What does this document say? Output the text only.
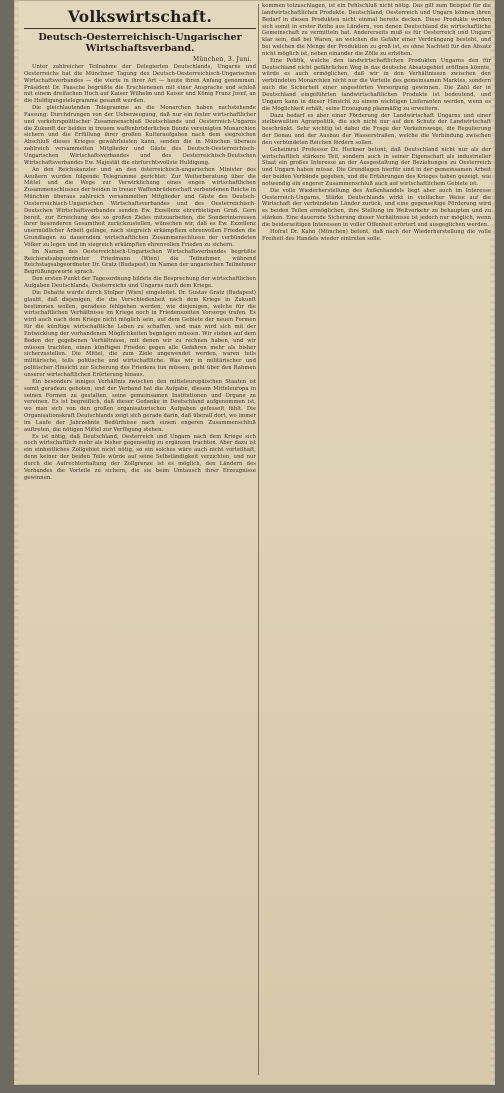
Volkswirtschaft.
Deutsch-Oesterreichisch-Ungarischer
Wirtschaftsverband.
München, 3. Juni.

Unter zahlreicher Teilnahme der Delegierten Deutschlands, Ungarns und Oesterreichs hat die Münchner Tagung des Deutsch-Oesterreichisch-Ungarischen Wirtschaftsverbandes — die vierte in ihrer Art — heute ihren Anfang genommen. Präsident Dr. Paasche begrüßte die Erschienenen mit einer Ansprache und schloß mit einem dreifachen Hoch auf Kaiser Wilhelm und Kaiser und König Franz Josef, an die Huldigungstelegramme gesandt wurden.

Die gleichlautenden Telegramme an die Monarchen haben nachstehende Fassung: Durchdrungen von der Ueberzeugung, daß nur ein fester wirtschaftlicher und verkehrspolitischer Zusammenschluß Deutschlands und Oesterreich-Ungarns die Zukunft der beiden in treuem waffenbrüderlichen Bunde vereinigten Monarchien sichern und die Erfüllung ihrer großen Kulturaufgaben nach dem siegreichen Abschluß dieses Krieges gewährleisten kann, senden die in München überaus zahlreich versammelten Mitglieder und Gäste des Deutsch-Oesterreichisch-Ungarischen Wirtschaftsverbandes und des Oesterreichisch-Deutschen Wirtschaftsverbandes Ew. Majestät die ehrfurchtsvollste Huldigung.

An den Reichskanzler und an den österreichisch-ungarischen Minister des Aeußern wurden folgende Telegramme gerichtet: Zur Weiterberatung über die Mittel und die Wege zur Verwirklichung eines engen wirtschaftlichen Zusammenschlusses der beiden in treuer Waffenbrüderschaft verbundenen Reiche in München überaus zahlreich versammelten Mitglieder und Gäste des Deutsch-Oesterreichisch-Ungarischen Wirtschaftsverbandes und des Oesterreichisch-Deutschen Wirtschaftsverbandes senden Ew. Exzellenz ehrerbietigen Gruß. Gern bereit, zur Erreichung des so großen Zieles mitzuarbeiten, die Sonderinteressen ihrer besonderen Gesamtheit zurückzustellen, wünschen wir, daß es Ew. Exzellenz unermüdlicher Arbeit gelinge, nach siegreich erkämpftem ehrenvollen Frieden die Grundlagen zu dauerndem wirtschaftlichen Zusammenschlusse der verbündeten Völker zu legen und im siegreich erkämpften ehrenvollen Frieden zu sichern.

Im Namen des Oesterreichisch-Ungarischen Wirtschaftsverbandes begrüßte Reichsratsabgeordneter Friedmann (Wien) die Teilnehmer, während Reichstagsabgeordneter Dr. Gratz (Budapest) im Namen der ungarischen Teilnehmer Begrüßungsworte sprach.

Den ersten Punkt der Tagesordnung bildete die Besprechung der wirtschaftlichen Aufgaben Deutschlands, Oesterreichs und Ungarns nach dem Kriege.

Die Debatte wurde durch Stolper (Wien) eingeleitet. Dr. Gustav Gratz (Budapest) glaubt, daß diejenigen, die die Verschiedenheit nach dem Kriege in Zukunft bestimmen wollen, geradeso fehlgehen werden, wie diejenigen, welche für die wirtschaftlichen Verhältnisse im Kriege noch in Friedenszeiten Vorsorge trafen. Es wird auch nach dem Kriege nicht möglich sein, auf dem Gebiete der neuen Formen für die künftige wirtschaftliche Leben zu schaffen, und man wird sich mit der Entwicklung der vorhandenen Möglichkeiten begnügen müssen. Wir stehen auf dem Boden der gegebenen Verhältnisse, mit denen wir zu rechnen haben, und wir müssen trachten, einen künftigen Frieden gegen alle Gefahren mehr als bisher sicherzustellen. Die Mittel, die zum Ziele angewendet werden, waren teils militärische, teils politische und wirtschaftliche. Was wir in militärischer und politischer Hinsicht zur Sicherung des Friedens tun müssen, geht über den Rahmen unserer wirtschaftlichen Erörterung hinaus.

Ein besonders inniges Verhältnis zwischen den mitteleuropäischen Staaten ist somit geradezu geboten, und der Verband hat die Aufgabe, diesem Mitteleuropa in seinen Formen zu gestalten, seine gemeinsamen Institutionen und Organe zu vereinen. Es ist begreiflich, daß dieser Gedanke in Deutschland aufgenommen ist, wo man sich von den großen organisatorischen Aufgaben gefesselt fühlt. Die Organisationskraft Deutschlands zeigt sich gerade darin, daß überall dort, wo immer im Laufe der Jahrzehnte Bedürfnisse nach einem engeren Zusammenschluß auftreten, die nötigen Mittel zur Verfügung stehen.

Es ist nötig, daß Deutschland, Oesterreich und Ungarn nach dem Kriege sich noch wirtschaftlich mehr als bisher gegenseitig zu ergänzen trachten. Aber dazu ist ein einheitliches Zollgebiet nicht nötig, so ein solches wäre auch nicht vorteilhaft, denn keiner der beiden Teile würde auf seine Selbständigkeit verzichten, und nur durch die Aufrechterhaltung der Zollgrenze ist es möglich, den Ländern des Verbandes die Vorteile zu sichern, die sie beim Umtausch ihrer Erzeugnisse gewinnen.

kommen totzuschlagen, ist ein Fehlschluß nicht nötig. Das gilt zum Beispiel für die landwirtschaftlichen Produkte. Deutschland, Oesterreich und Ungarn können ihren Bedarf in diesen Produkten nicht einmal bereits decken. Diese Produkte werden sich somit in erster Reihe aus Ländern, von denen Deutschland die wirtschaftliche Gemeinschaft zu vermitteln hat. Andererseits muß es für Oesterreich und Ungarn klar sein, daß bei Waren, an welchen die Gefahr einer Verdrängung besteht, und bei welchen die Menge der Produktion zu groß ist, es ohne Nachteil für den Absatz nicht möglich ist, neben einander die Zölle zu erhöhen.

Eine Politik, welche den landwirtschaftlichen Produkten Ungarns den für Deutschland nicht gefährlichen Weg in das deutsche Absatzgebiet eröffnen könnte, würde es auch ermöglichen, daß wir in den Verhältnissen zwischen den verbündeten Monarchien nicht nur die Vorteile des gemeinsamen Marktes, sondern auch die Sicherheit einer ungestörten Versorgung gewinnen. Die Zahl der in Deutschland eingeführten landwirtschaftlichen Produkte ist bedeutend, und Ungarn kann in dieser Hinsicht zu einem wichtigen Lieferanten werden, wenn es die Möglichkeit erhält, seine Erzeugung planmäßig zu erweitern.

Dazu bedarf es aber einer Förderung der Landwirtschaft Ungarns und einer zielbewußten Agrarpolitik, die sich nicht nur auf den Schutz der Landwirtschaft beschränkt. Sehr wichtig ist dabei die Frage der Verkehrswege, die Regulierung der Donau und der Ausbau der Wasserstraßen, welche die Verbindung zwischen den verbündeten Reichen fördern sollen.

Geheimrat Professor Dr. Herkner betont, daß Deutschland nicht nur als der wirtschaftlich stärkere Teil, sondern auch in seiner Eigenschaft als industrieller Staat ein großes Interesse an der Ausgestaltung der Beziehungen zu Oesterreich und Ungarn haben müsse. Die Grundlagen hierfür sind in der gemeinsamen Arbeit der beiden Verbände gegeben, und die Erfahrungen des Krieges haben gezeigt, wie notwendig ein engerer Zusammenschluß auch auf wirtschaftlichem Gebiete ist.

Die volle Wiederherstellung des Außenhandels liegt aber auch im Interesse Oesterreich-Ungarns. Stärke Deutschlands wirkt in vielfacher Weise auf die Wirtschaft der verbündeten Länder zurück, und eine gegenseitige Förderung wird es beiden Teilen ermöglichen, ihre Stellung im Weltverkehr zu behaupten und zu stärken. Eine dauernde Sicherung dieser Verhältnisse ist jedoch nur möglich, wenn die beiderseitigen Interessen in voller Offenheit erörtert und ausgeglichen werden.

Hofrat Dr. Kahn (München) betont, daß nach der Wiederherstellung die volle Freiheit des Handels wieder eintreten solle.
